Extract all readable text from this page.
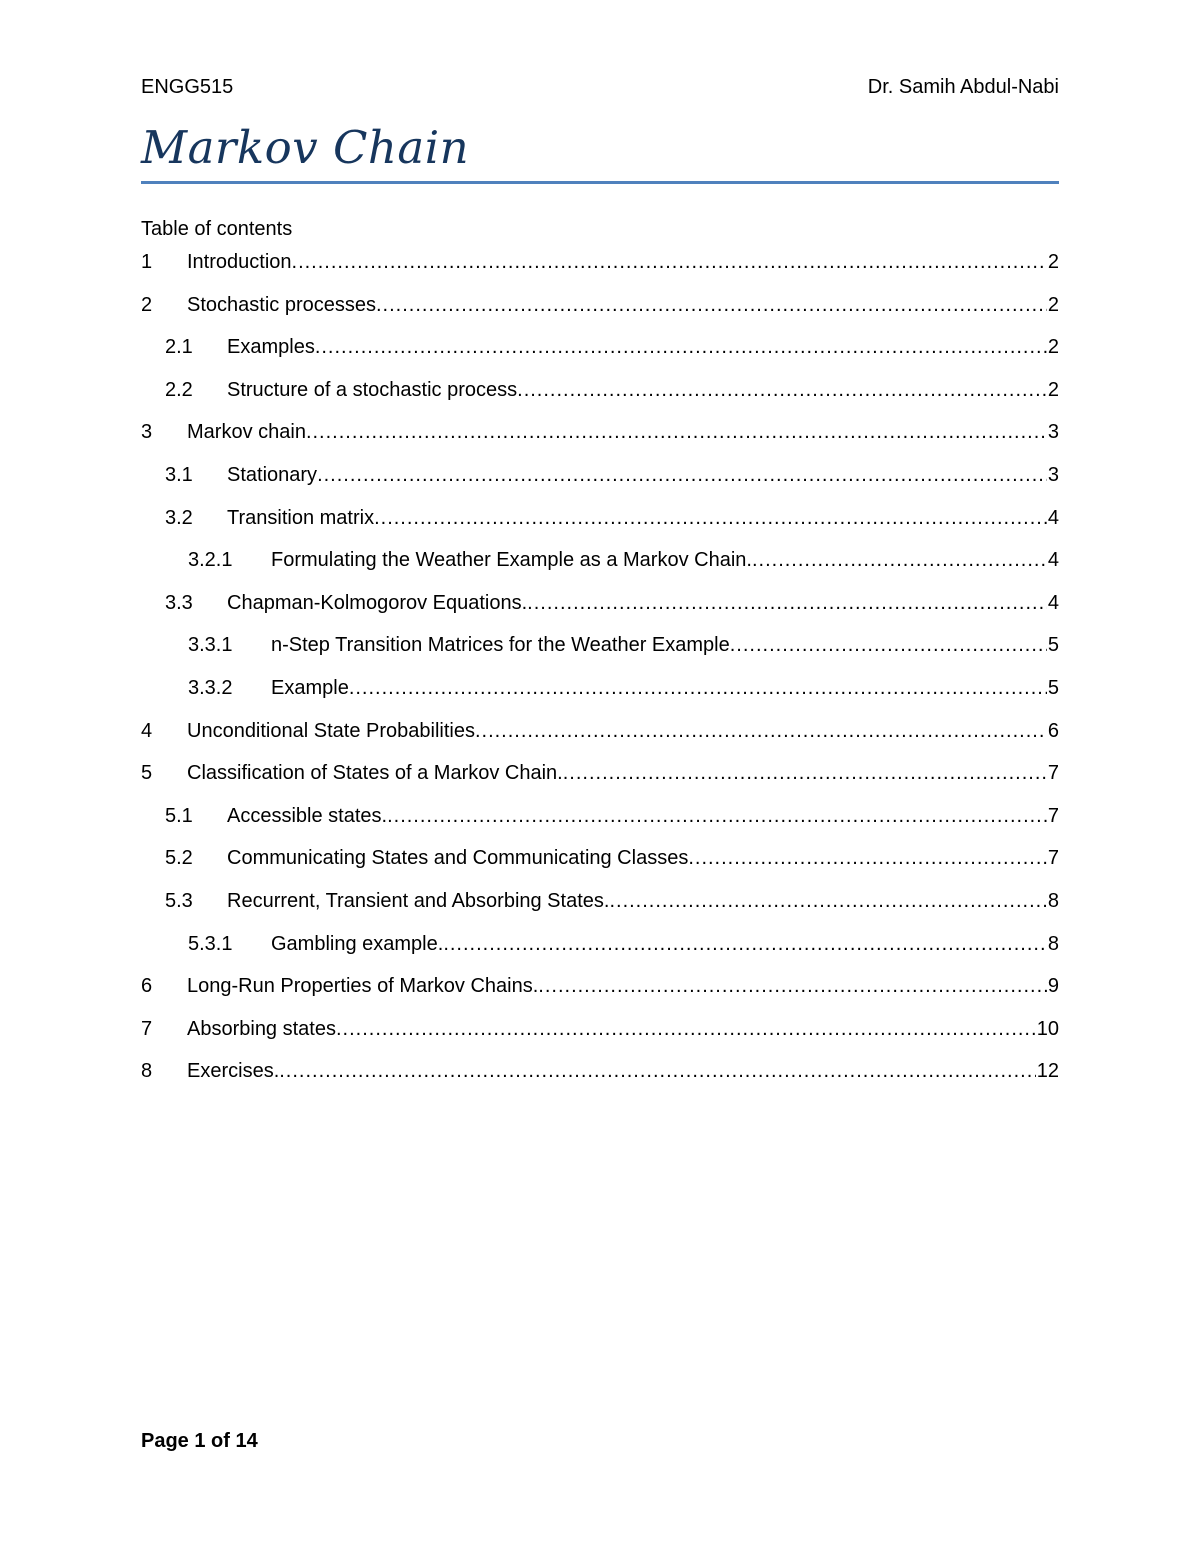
ENGG515	Dr. Samih Abdul-Nabi
Markov Chain
Table of contents
1 Introduction .....	2
2 Stochastic processes .....	2
2.1 Examples .....	2
2.2 Structure of a stochastic process .....	2
3 Markov chain .....	3
3.1 Stationary .....	3
3.2 Transition matrix .....	4
3.2.1 Formulating the Weather Example as a Markov Chain. .....	4
3.3 Chapman-Kolmogorov Equations. .....	4
3.3.1 n-Step Transition Matrices for the Weather Example .....	5
3.3.2 Example .....	5
4 Unconditional State Probabilities .....	6
5 Classification of States of a Markov Chain. .....	7
5.1 Accessible states. .....	7
5.2 Communicating States and Communicating Classes .....	7
5.3 Recurrent, Transient and Absorbing States. .....	8
5.3.1 Gambling example. .....	8
6 Long-Run Properties of Markov Chains. .....	9
7 Absorbing states .....	10
8 Exercises. .....	12
Page 1 of 14
